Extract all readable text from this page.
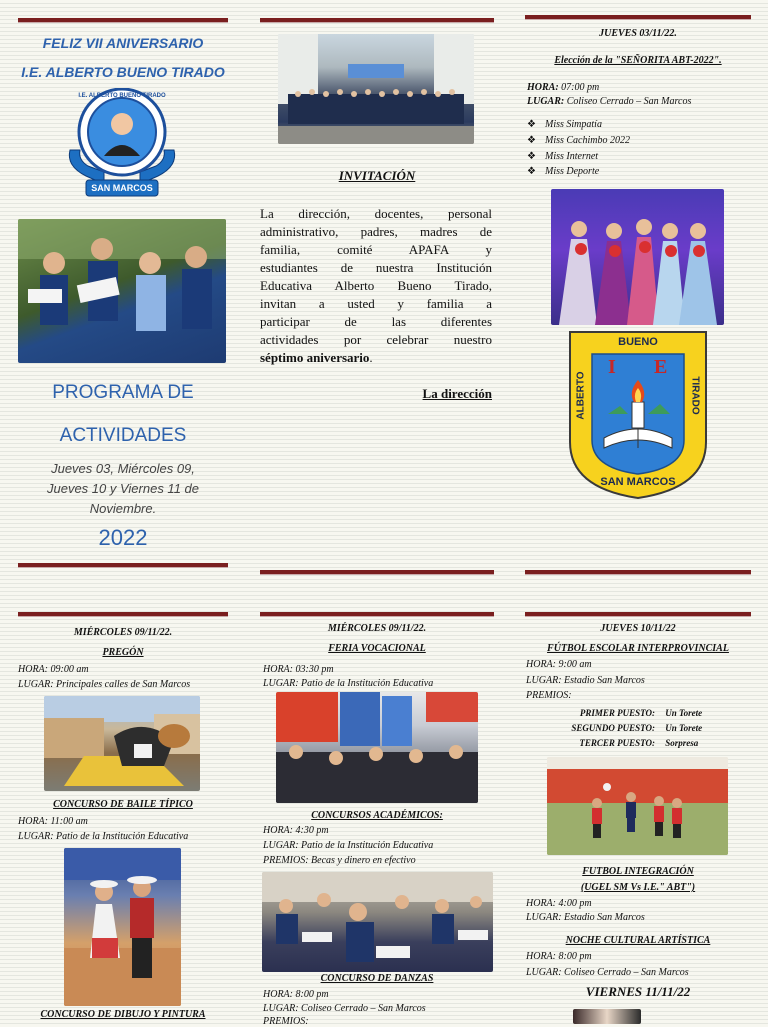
FELIZ VII ANIVERSARIO
I.E. ALBERTO BUENO TIRADO
I.E. ALBERTO BUENO TIRADO
SAN MARCOS
PROGRAMA DE
ACTIVIDADES
Jueves 03, Miércoles 09,
Jueves 10 y Viernes 11 de
Noviembre.
2022
INVITACIÓN
La dirección, docentes, personal
administrativo, padres, madres de
familia, comité APAFA y
estudiantes de nuestra Institución
Educativa Alberto Bueno Tirado,
invitan a usted y familia a
participar de las diferentes
actividades por celebrar nuestro
séptimo aniversario.
La dirección
JUEVES 03/11/22.
Elección de la "SEÑORITA ABT-2022".
HORA: 07:00 pm
LUGAR: Coliseo Cerrado – San Marcos
❖ Miss Simpatía
❖ Miss Cachimbo 2022
❖ Miss Internet
❖ Miss Deporte
BUENO
ALBERTO	TIRADO
I E
SAN MARCOS
MIÉRCOLES 09/11/22.
PREGÓN
HORA: 09:00 am
LUGAR: Principales calles de San Marcos
CONCURSO DE BAILE TÍPICO
HORA: 11:00 am
LUGAR: Patio de la Institución Educativa
CONCURSO DE DIBUJO Y PINTURA
MIÉRCOLES 09/11/22.
FERIA VOCACIONAL
HORA: 03:30 pm
LUGAR: Patio de la Institución Educativa
CONCURSOS ACADÉMICOS:
HORA: 4:30 pm
LUGAR: Patio de la Institución Educativa
PREMIOS: Becas y dinero en efectivo
CONCURSO DE DANZAS
HORA: 8:00 pm
LUGAR: Coliseo Cerrado – San Marcos
PREMIOS:
JUEVES 10/11/22
FÚTBOL ESCOLAR INTERPROVINCIAL
HORA: 9:00 am
LUGAR: Estadio San Marcos
PREMIOS:
PRIMER PUESTO: Un Torete
SEGUNDO PUESTO: Un Torete
TERCER PUESTO: Sorpresa
FUTBOL INTEGRACIÓN
(UGEL SM Vs I.E." ABT")
HORA: 4:00 pm
LUGAR: Estadio San Marcos
NOCHE CULTURAL ARTÍSTICA
HORA: 8:00 pm
LUGAR: Coliseo Cerrado – San Marcos
VIERNES 11/11/22
